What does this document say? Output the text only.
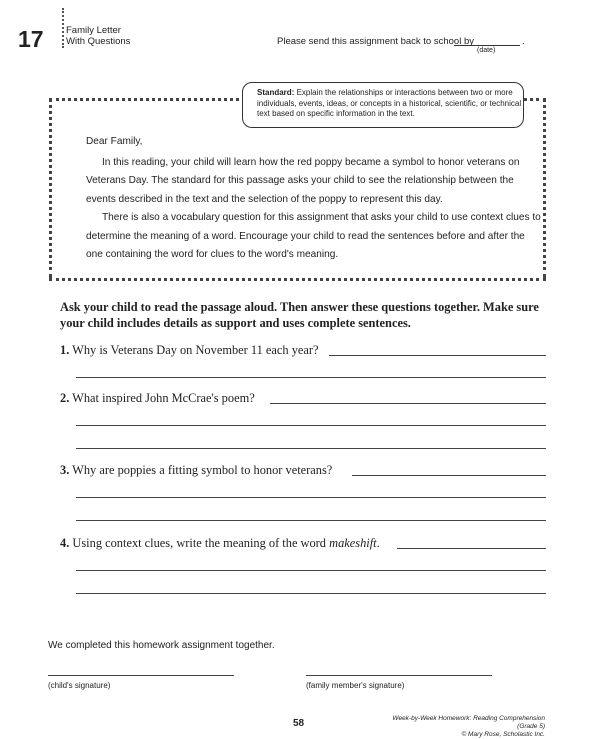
17 Family Letter
With Questions	Please send this assignment back to school by	.
(date)
Standard: Explain the relationships or interactions between two or more individuals, events, ideas, or concepts in a historical, scientific, or technical text based on specific information in the text.

Dear Family,

In this reading, your child will learn how the red poppy became a symbol to honor veterans on Veterans Day. The standard for this passage asks your child to see the relationship between the events described in the text and the selection of the poppy to represent this day.

There is also a vocabulary question for this assignment that asks your child to use context clues to determine the meaning of a word. Encourage your child to read the sentences before and after the one containing the word for clues to the word's meaning.

Ask your child to read the passage aloud. Then answer these questions together. Make sure your child includes details as support and uses complete sentences.
1. Why is Veterans Day on November 11 each year?
2. What inspired John McCrae's poem?
3. Why are poppies a fitting symbol to honor veterans?
4. Using context clues, write the meaning of the word makeshift.
We completed this homework assignment together.
(child's signature)	(family member's signature)
58	Week-by-Week Homework: Reading Comprehension (Grade 5)
© Mary Rose, Scholastic Inc.
